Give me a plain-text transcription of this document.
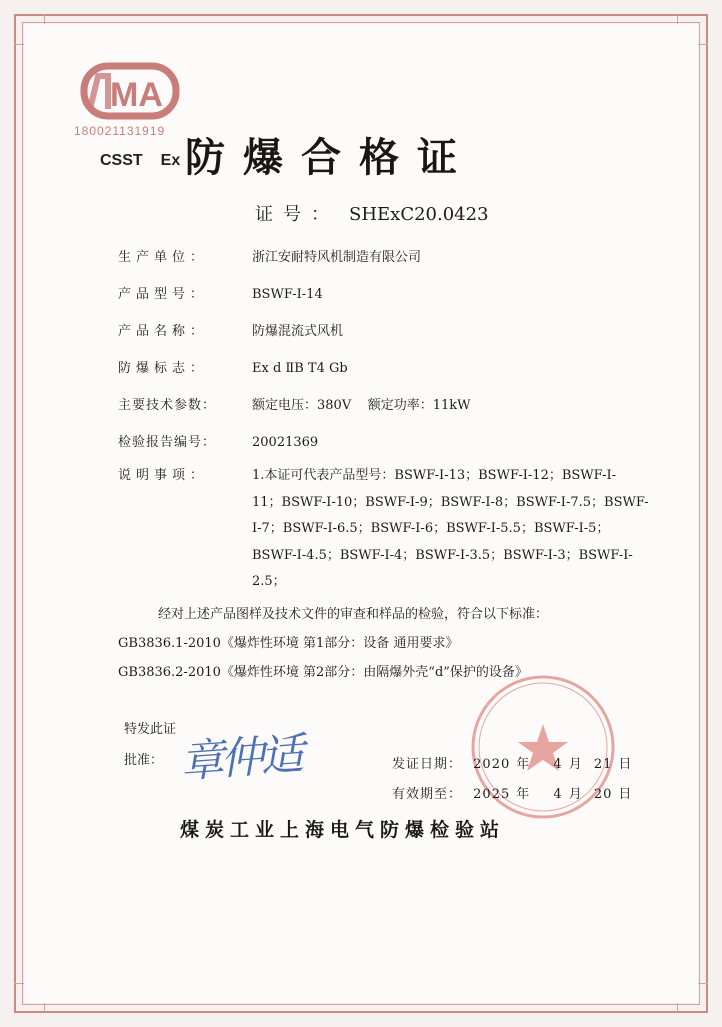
MA
180021131919
CSST Ex 防爆合格证
证号： SHExC20.0423
生产单位：	浙江安耐特风机制造有限公司
产品型号：	BSWF-I-14
产品名称：	防爆混流式风机
防爆标志：	Ex d ⅡB T4 Gb
主要技术参数：	额定电压：380V    额定功率：11kW
检验报告编号：	20021369
说明事项：	1.本证可代表产品型号：BSWF-I-13；BSWF-I-12；BSWF-I-
11；BSWF-I-10；BSWF-I-9；BSWF-I-8；BSWF-I-7.5；BSWF-
I-7；BSWF-I-6.5；BSWF-I-6；BSWF-I-5.5；BSWF-I-5；
BSWF-I-4.5；BSWF-I-4；BSWF-I-3.5；BSWF-I-3；BSWF-I-
2.5；
经对上述产品图样及技术文件的审查和样品的检验，符合以下标准：
GB3836.1-2010《爆炸性环境 第1部分：设备 通用要求》
GB3836.2-2010《爆炸性环境 第2部分：由隔爆外壳“d”保护的设备》
特发此证
批准： 章仲适	发证日期： 2020 年 4 月 21 日
有效期至： 2025 年 4 月 20 日
煤炭工业上海电气防爆检验站
